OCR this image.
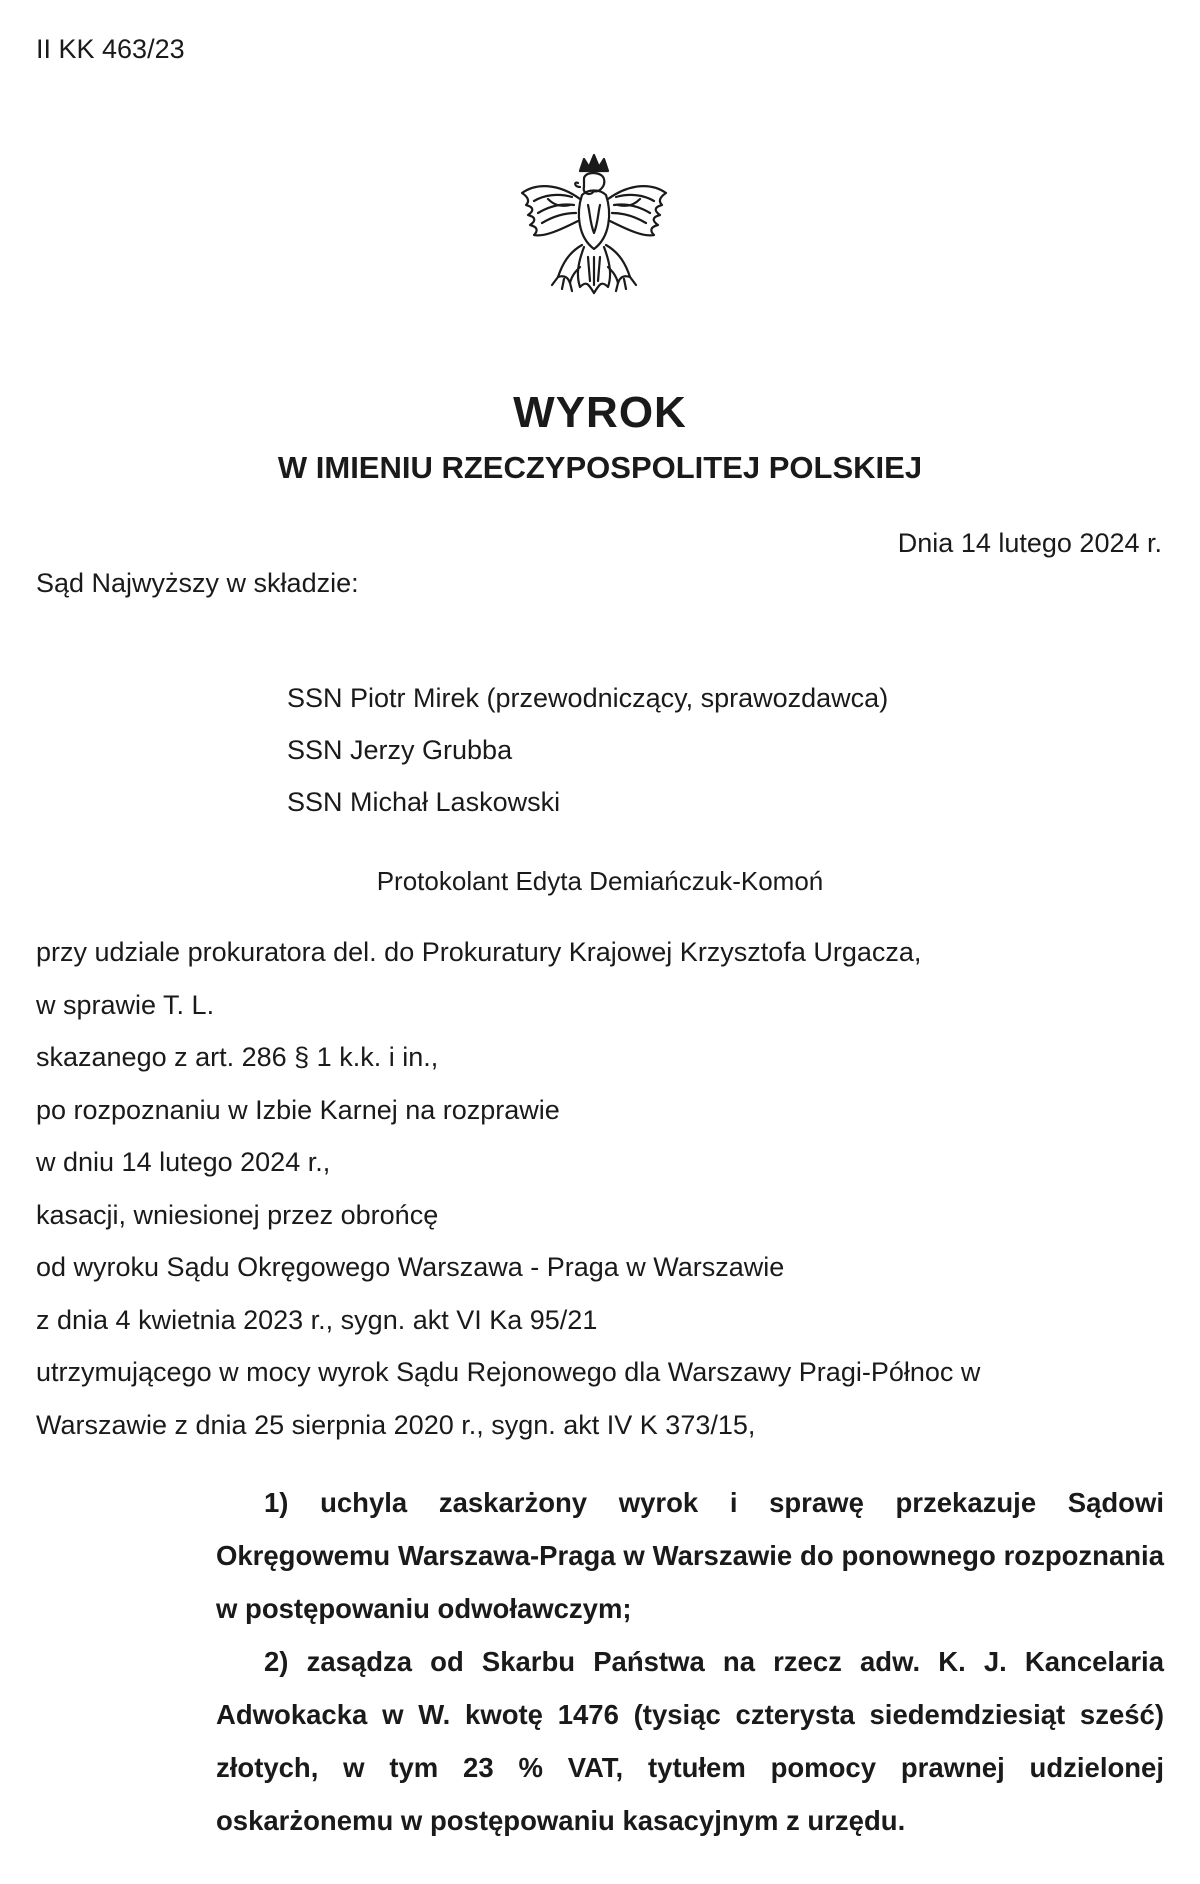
II KK 463/23
WYROK
W IMIENIU RZECZYPOSPOLITEJ POLSKIEJ
Dnia 14 lutego 2024 r.
Sąd Najwyższy w składzie:
SSN Piotr Mirek (przewodniczący, sprawozdawca)
SSN Jerzy Grubba
SSN Michał Laskowski
Protokolant Edyta Demiańczuk-Komoń
przy udziale prokuratora del. do Prokuratury Krajowej Krzysztofa Urgacza,
w sprawie T. L.
skazanego z art. 286 § 1 k.k. i in.,
po rozpoznaniu w Izbie Karnej na rozprawie
w dniu 14 lutego 2024 r.,
kasacji, wniesionej przez obrońcę
od wyroku Sądu Okręgowego Warszawa - Praga w Warszawie
z dnia 4 kwietnia 2023 r., sygn. akt VI Ka 95/21
utrzymującego w mocy wyrok Sądu Rejonowego dla Warszawy Pragi-Północ w
Warszawie z dnia 25 sierpnia 2020 r., sygn. akt IV K 373/15,

1) uchyla zaskarżony wyrok i sprawę przekazuje Sądowi Okręgowemu Warszawa-Praga w Warszawie do ponownego rozpoznania w postępowaniu odwoławczym;

2) zasądza od Skarbu Państwa na rzecz adw. K. J. Kancelaria Adwokacka w W. kwotę 1476 (tysiąc czterysta siedemdziesiąt sześć) złotych, w tym 23 % VAT, tytułem pomocy prawnej udzielonej oskarżonemu w postępowaniu kasacyjnym z urzędu.
